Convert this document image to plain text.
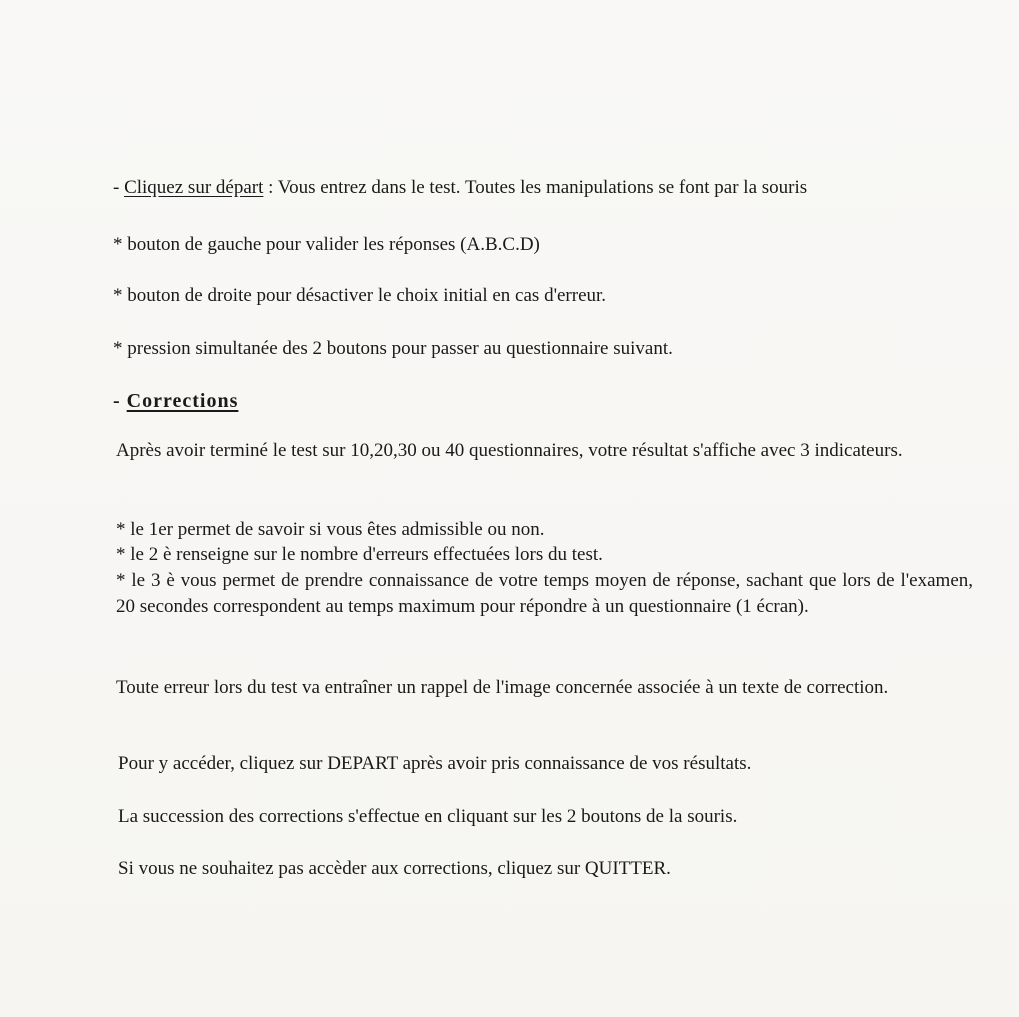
- Cliquez sur départ : Vous entrez dans le test. Toutes les manipulations se font par la souris
* bouton de gauche pour valider les réponses (A.B.C.D)
* bouton de droite pour désactiver le choix initial en cas d'erreur.
* pression simultanée des 2 boutons pour passer au questionnaire suivant.
- Corrections
Après avoir terminé le test sur 10,20,30 ou 40 questionnaires, votre résultat s'affiche avec 3 indicateurs.
* le 1er permet de savoir si vous êtes admissible ou non.
* le 2 è renseigne sur le nombre d'erreurs effectuées lors du test.
* le 3 è vous permet de prendre connaissance de votre temps moyen de réponse, sachant que lors de l'examen, 20 secondes correspondent au temps maximum pour répondre à un questionnaire (1 écran).
Toute erreur lors du test va entraîner un rappel de l'image concernée associée à un texte de correction.
Pour y accéder, cliquez sur DEPART après avoir pris connaissance de vos résultats.
La succession des corrections s'effectue en cliquant sur les 2 boutons de la souris.
Si vous ne souhaitez pas accèder aux corrections, cliquez sur QUITTER.
